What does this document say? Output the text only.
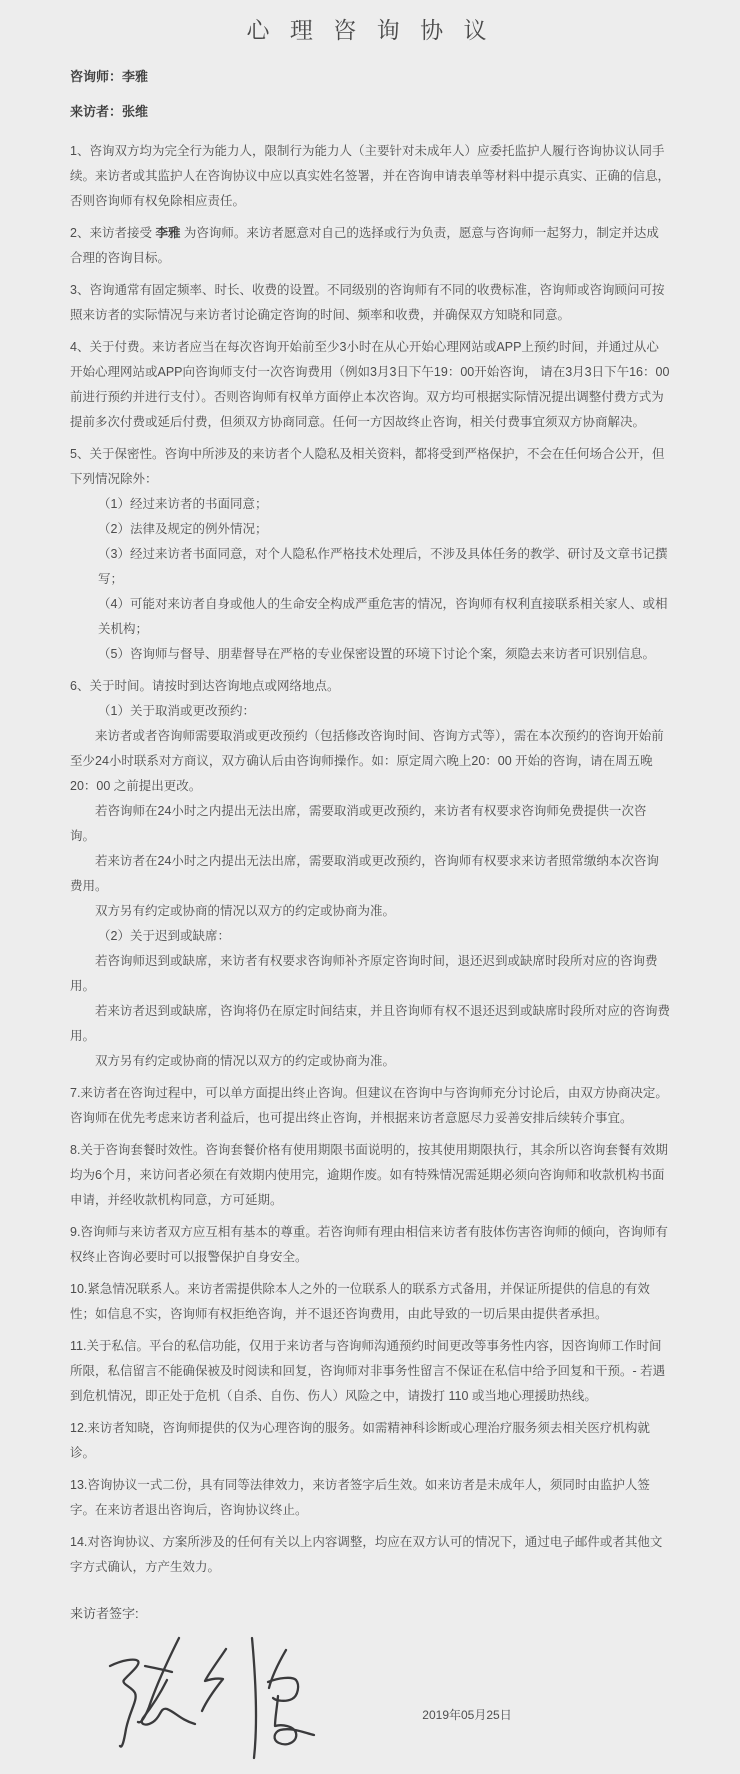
心 理 咨 询 协 议

咨询师：李雅

来访者：张维

1、咨询双方均为完全行为能力人，限制行为能力人（主要针对未成年人）应委托监护人履行咨询协议认同手续。来访者或其监护人在咨询协议中应以真实姓名签署，并在咨询申请表单等材料中提示真实、正确的信息，否则咨询师有权免除相应责任。
2、来访者接受 李雅 为咨询师。来访者愿意对自己的选择或行为负责，愿意与咨询师一起努力，制定并达成合理的咨询目标。
3、咨询通常有固定频率、时长、收费的设置。不同级别的咨询师有不同的收费标准，咨询师或咨询顾问可按照来访者的实际情况与来访者讨论确定咨询的时间、频率和收费，并确保双方知晓和同意。
4、关于付费。来访者应当在每次咨询开始前至少3小时在从心开始心理网站或APP上预约时间，并通过从心开始心理网站或APP向咨询师支付一次咨询费用（例如3月3日下午19：00开始咨询， 请在3月3日下午16：00前进行预约并进行支付）。否则咨询师有权单方面停止本次咨询。双方均可根据实际情况提出调整付费方式为提前多次付费或延后付费，但须双方协商同意。任何一方因故终止咨询，相关付费事宜须双方协商解决。
5、关于保密性。咨询中所涉及的来访者个人隐私及相关资料，都将受到严格保护，不会在任何场合公开，但下列情况除外：
（1）经过来访者的书面同意；
（2）法律及规定的例外情况；
（3）经过来访者书面同意，对个人隐私作严格技术处理后，不涉及具体任务的教学、研讨及文章书记撰写；
（4）可能对来访者自身或他人的生命安全构成严重危害的情况，咨询师有权利直接联系相关家人、或相关机构；
（5）咨询师与督导、朋辈督导在严格的专业保密设置的环境下讨论个案，须隐去来访者可识别信息。
6、关于时间。请按时到达咨询地点或网络地点。
（1）关于取消或更改预约：
来访者或者咨询师需要取消或更改预约（包括修改咨询时间、咨询方式等），需在本次预约的咨询开始前至少24小时联系对方商议，双方确认后由咨询师操作。如：原定周六晚上20：00 开始的咨询，请在周五晚 20：00 之前提出更改。
若咨询师在24小时之内提出无法出席，需要取消或更改预约，来访者有权要求咨询师免费提供一次咨询。
若来访者在24小时之内提出无法出席，需要取消或更改预约，咨询师有权要求来访者照常缴纳本次咨询费用。
双方另有约定或协商的情况以双方的约定或协商为准。
（2）关于迟到或缺席：
若咨询师迟到或缺席，来访者有权要求咨询师补齐原定咨询时间，退还迟到或缺席时段所对应的咨询费用。
若来访者迟到或缺席，咨询将仍在原定时间结束，并且咨询师有权不退还迟到或缺席时段所对应的咨询费用。
双方另有约定或协商的情况以双方的约定或协商为准。
7.来访者在咨询过程中，可以单方面提出终止咨询。但建议在咨询中与咨询师充分讨论后，由双方协商决定。咨询师在优先考虑来访者利益后，也可提出终止咨询，并根据来访者意愿尽力妥善安排后续转介事宜。
8.关于咨询套餐时效性。咨询套餐价格有使用期限书面说明的，按其使用期限执行，其余所以咨询套餐有效期均为6个月，来访问者必须在有效期内使用完，逾期作废。如有特殊情况需延期必须向咨询师和收款机构书面申请，并经收款机构同意，方可延期。
9.咨询师与来访者双方应互相有基本的尊重。若咨询师有理由相信来访者有肢体伤害咨询师的倾向，咨询师有权终止咨询必要时可以报警保护自身安全。
10.紧急情况联系人。来访者需提供除本人之外的一位联系人的联系方式备用，并保证所提供的信息的有效性；如信息不实，咨询师有权拒绝咨询，并不退还咨询费用，由此导致的一切后果由提供者承担。
11.关于私信。平台的私信功能，仅用于来访者与咨询师沟通预约时间更改等事务性内容，因咨询师工作时间所限，私信留言不能确保被及时阅读和回复，咨询师对非事务性留言不保证在私信中给予回复和干预。- 若遇到危机情况，即正处于危机（自杀、自伤、伤人）风险之中，请拨打 110 或当地心理援助热线。
12.来访者知晓，咨询师提供的仅为心理咨询的服务。如需精神科诊断或心理治疗服务须去相关医疗机构就诊。
13.咨询协议一式二份，具有同等法律效力，来访者签字后生效。如来访者是未成年人，须同时由监护人签字。在来访者退出咨询后，咨询协议终止。
14.对咨询协议、方案所涉及的任何有关以上内容调整，均应在双方认可的情况下，通过电子邮件或者其他文字方式确认，方产生效力。

来访者签字:

2019年05月25日
